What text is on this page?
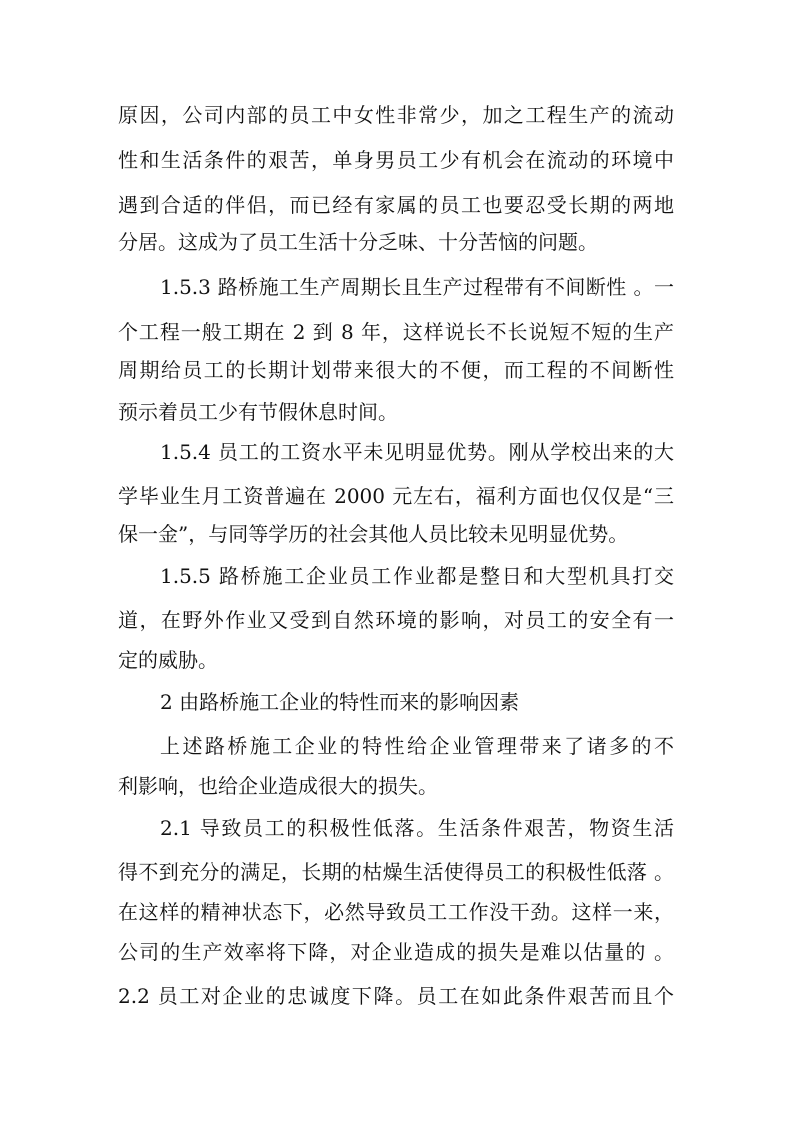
原因，公司内部的员工中女性非常少，加之工程生产的流动
性和生活条件的艰苦，单身男员工少有机会在流动的环境中
遇到合适的伴侣，而已经有家属的员工也要忍受长期的两地
分居。这成为了员工生活十分乏味、十分苦恼的问题。
1.5.3 路桥施工生产周期长且生产过程带有不间断性 。一
个工程一般工期在 2 到 8 年，这样说长不长说短不短的生产
周期给员工的长期计划带来很大的不便，而工程的不间断性
预示着员工少有节假休息时间。
1.5.4 员工的工资水平未见明显优势。刚从学校出来的大
学毕业生月工资普遍在 2000 元左右，福利方面也仅仅是“三
保一金”，与同等学历的社会其他人员比较未见明显优势。
1.5.5 路桥施工企业员工作业都是整日和大型机具打交
道，在野外作业又受到自然环境的影响，对员工的安全有一
定的威胁。
2 由路桥施工企业的特性而来的影响因素
上述路桥施工企业的特性给企业管理带来了诸多的不
利影响，也给企业造成很大的损失。
2.1 导致员工的积极性低落。生活条件艰苦，物资生活
得不到充分的满足，长期的枯燥生活使得员工的积极性低落 。
在这样的精神状态下，必然导致员工工作没干劲。这样一来，
公司的生产效率将下降，对企业造成的损失是难以估量的 。
2.2 员工对企业的忠诚度下降。员工在如此条件艰苦而且个
